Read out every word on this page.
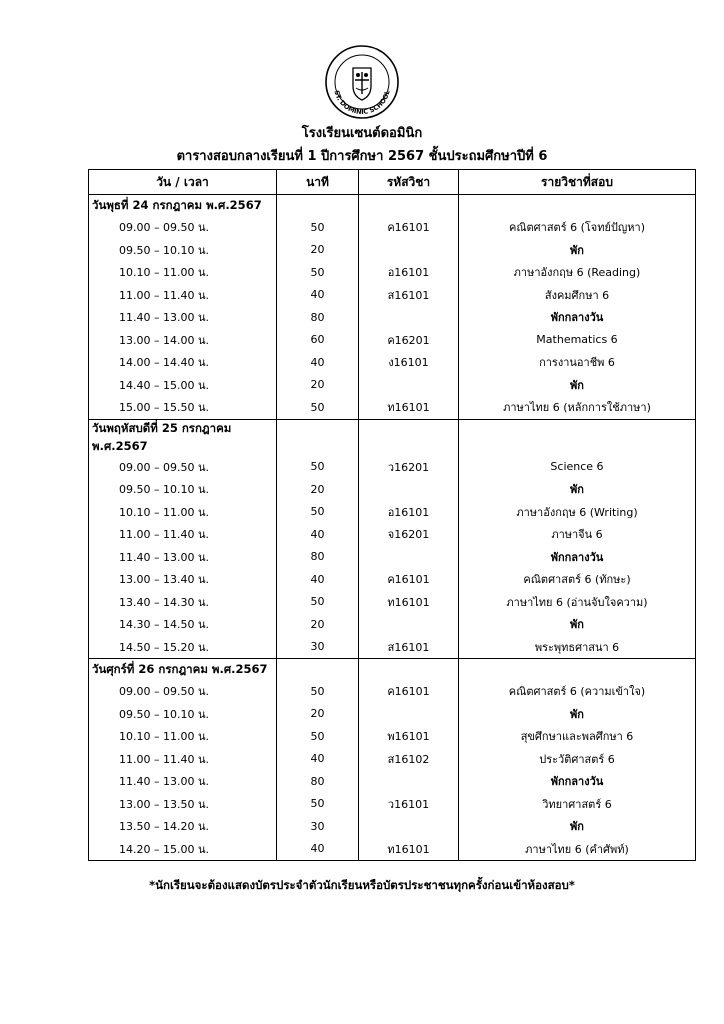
ST. DOMINIC SCHOOL
โรงเรียนเซนต์ดอมินิก
ตารางสอบกลางเรียนที่ 1 ปีการศึกษา 2567 ชั้นประถมศึกษาปีที่ 6
วัน / เวลา	นาที	รหัสวิชา	รายวิชาที่สอบ
วันพุธที่ 24 กรกฎาคม พ.ศ.2567			
09.00 – 09.50 น.	50	ค16101	คณิตศาสตร์ 6 (โจทย์ปัญหา)
09.50 – 10.10 น.	20		พัก
10.10 – 11.00 น.	50	อ16101	ภาษาอังกฤษ 6 (Reading)
11.00 – 11.40 น.	40	ส16101	สังคมศึกษา 6
11.40 – 13.00 น.	80		พักกลางวัน
13.00 – 14.00 น.	60	ค16201	Mathematics 6
14.00 – 14.40 น.	40	ง16101	การงานอาชีพ 6
14.40 – 15.00 น.	20		พัก
15.00 – 15.50 น.	50	ท16101	ภาษาไทย 6 (หลักการใช้ภาษา)
วันพฤหัสบดีที่ 25 กรกฎาคม พ.ศ.2567			
09.00 – 09.50 น.	50	ว16201	Science 6
09.50 – 10.10 น.	20		พัก
10.10 – 11.00 น.	50	อ16101	ภาษาอังกฤษ 6 (Writing)
11.00 – 11.40 น.	40	จ16201	ภาษาจีน 6
11.40 – 13.00 น.	80		พักกลางวัน
13.00 – 13.40 น.	40	ค16101	คณิตศาสตร์ 6 (ทักษะ)
13.40 – 14.30 น.	50	ท16101	ภาษาไทย 6 (อ่านจับใจความ)
14.30 – 14.50 น.	20		พัก
14.50 – 15.20 น.	30	ส16101	พระพุทธศาสนา 6
วันศุกร์ที่ 26 กรกฎาคม พ.ศ.2567			
09.00 – 09.50 น.	50	ค16101	คณิตศาสตร์ 6 (ความเข้าใจ)
09.50 – 10.10 น.	20		พัก
10.10 – 11.00 น.	50	พ16101	สุขศึกษาและพลศึกษา 6
11.00 – 11.40 น.	40	ส16102	ประวัติศาสตร์ 6
11.40 – 13.00 น.	80		พักกลางวัน
13.00 – 13.50 น.	50	ว16101	วิทยาศาสตร์ 6
13.50 – 14.20 น.	30		พัก
14.20 – 15.00 น.	40	ท16101	ภาษาไทย 6 (คำศัพท์)
*นักเรียนจะต้องแสดงบัตรประจำตัวนักเรียนหรือบัตรประชาชนทุกครั้งก่อนเข้าห้องสอบ*
